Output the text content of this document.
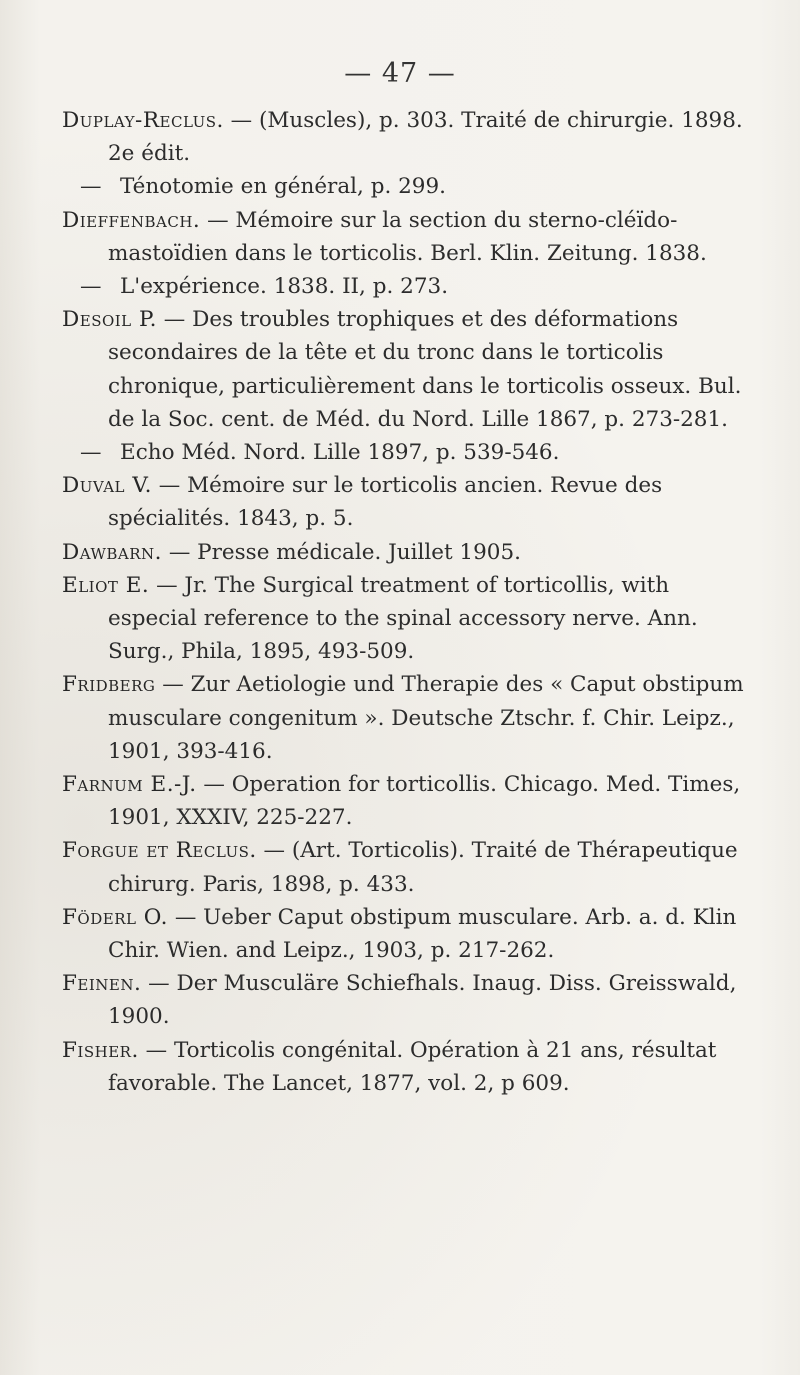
— 47 —

Duplay-Reclus. — (Muscles), p. 303. Traité de chirurgie. 1898. 2e édit.

— Ténotomie en général, p. 299.

Dieffenbach. — Mémoire sur la section du sterno-cléïdo-mastoïdien dans le torticolis. Berl. Klin. Zeitung. 1838.

— L'expérience. 1838. II, p. 273.

Desoil P. — Des troubles trophiques et des déformations secondaires de la tête et du tronc dans le torticolis chronique, particulièrement dans le torticolis osseux. Bul. de la Soc. cent. de Méd. du Nord. Lille 1867, p. 273-281.

— Echo Méd. Nord. Lille 1897, p. 539-546.

Duval V. — Mémoire sur le torticolis ancien. Revue des spécialités. 1843, p. 5.

Dawbarn. — Presse médicale. Juillet 1905.

Eliot E. — Jr. The Surgical treatment of torticollis, with especial reference to the spinal accessory nerve. Ann. Surg., Phila, 1895, 493-509.

Fridberg — Zur Aetiologie und Therapie des « Caput obstipum musculare congenitum ». Deutsche Ztschr. f. Chir. Leipz., 1901, 393-416.

Farnum E.-J. — Operation for torticollis. Chicago. Med. Times, 1901, XXXIV, 225-227.

Forgue et Reclus. — (Art. Torticolis). Traité de Thérapeutique chirurg. Paris, 1898, p. 433.

Föderl O. — Ueber Caput obstipum musculare. Arb. a. d. Klin Chir. Wien. and Leipz., 1903, p. 217-262.

Feinen. — Der Musculäre Schiefhals. Inaug. Diss. Greisswald, 1900.

Fisher. — Torticolis congénital. Opération à 21 ans, résultat favorable. The Lancet, 1877, vol. 2, p 609.
